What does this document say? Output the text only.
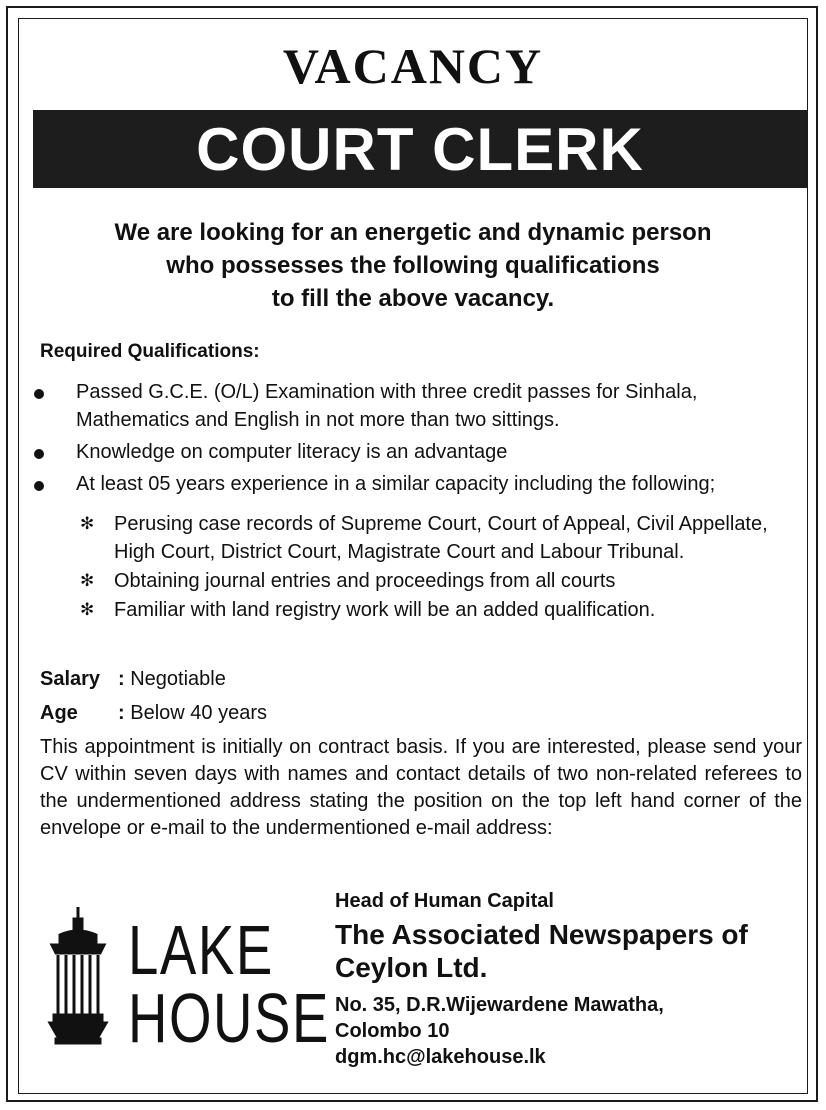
VACANCY
COURT CLERK

We are looking for an energetic and dynamic person
who possesses the following qualifications
to fill the above vacancy.

Required Qualifications:

Passed G.C.E. (O/L) Examination with three credit passes for Sinhala, Mathematics and English in not more than two sittings.
Knowledge on computer literacy is an advantage
At least 05 years experience in a similar capacity including the following;
✻ Perusing case records of Supreme Court, Court of Appeal, Civil Appellate, High Court, District Court, Magistrate Court and Labour Tribunal.
✻ Obtaining journal entries and proceedings from all courts
✻ Familiar with land registry work will be an added qualification.

Salary : Negotiable

Age : Below 40 years

This appointment is initially on contract basis. If you are interested, please send your CV within seven days with names and contact details of two non-related referees to the undermentioned address stating the position on the top left hand corner of the envelope or e-mail to the undermentioned e-mail address:

LAKE
HOUSE
Head of Human Capital
The Associated Newspapers of
Ceylon Ltd.
No. 35, D.R.Wijewardene Mawatha,
Colombo 10
dgm.hc@lakehouse.lk
